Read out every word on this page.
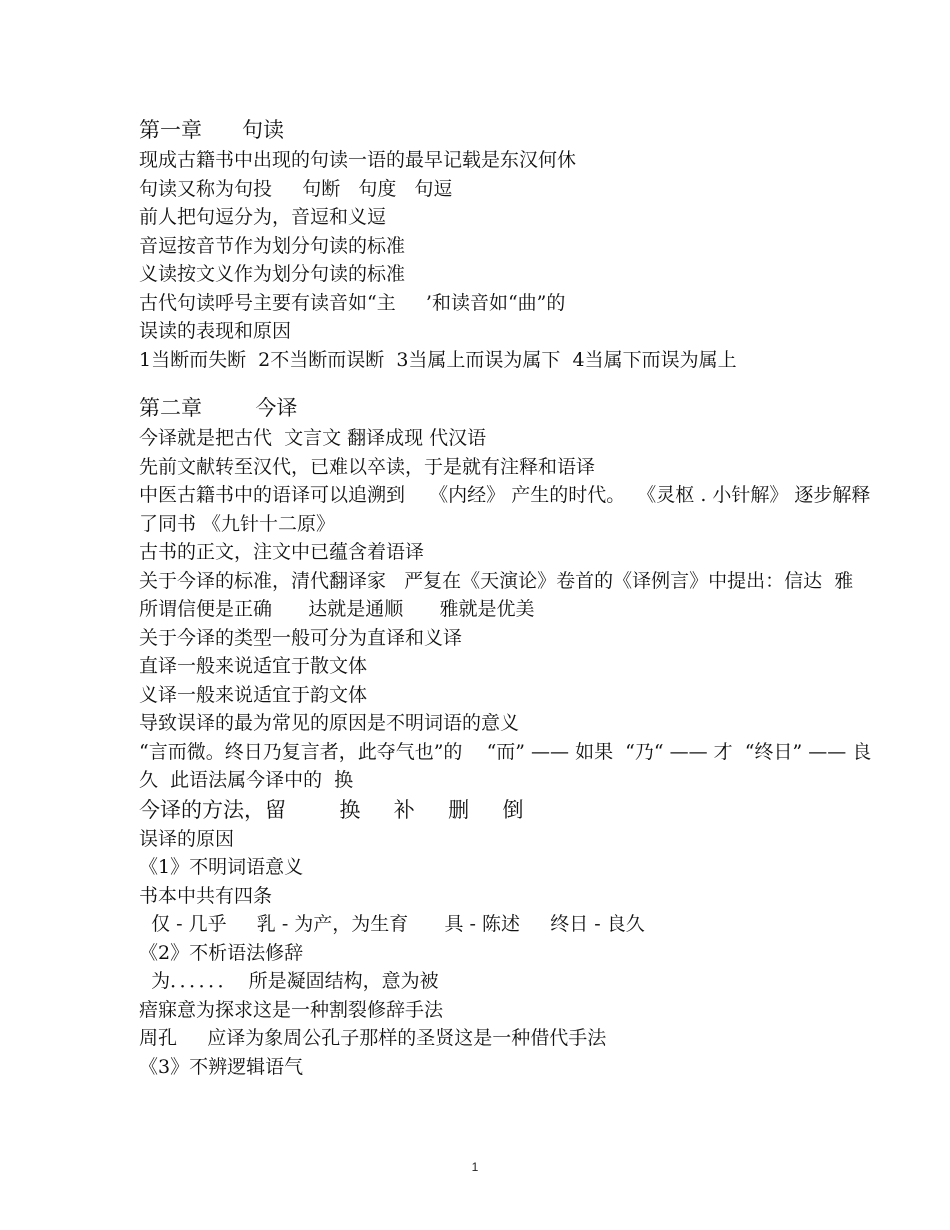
第一章      句读
现成古籍书中出现的句读一语的最早记载是东汉何休
句读又称为句投     句断   句度   句逗
前人把句逗分为，音逗和义逗
音逗按音节作为划分句读的标准
义读按文义作为划分句读的标准
古代句读呼号主要有读音如“主     ’和读音如“曲”的
误读的表现和原因
1当断而失断  2不当断而误断  3当属上而误为属下  4当属下而误为属上
第二章        今译
今译就是把古代  文言文 翻译成现 代汉语
先前文献转至汉代，已难以卒读，于是就有注释和语译
中医古籍书中的语译可以追溯到    《内经》 产生的时代。  《灵枢 . 小针解》 逐步解释了同书 《九针十二原》
古书的正文，注文中已蕴含着语译
关于今译的标准，清代翻译家   严复在《天演论》卷首的《译例言》中提出：信达  雅
所谓信便是正确      达就是通顺      雅就是优美
关于今译的类型一般可分为直译和义译
直译一般来说适宜于散文体
义译一般来说适宜于韵文体
导致误译的最为常见的原因是不明词语的意义
“言而微。终日乃复言者，此夺气也”的    “而” —— 如果  “乃“ —— 才  “终日” —— 良久  此语法属今译中的  换
今译的方法，留        换     补     删     倒
误译的原因
《1》不明词语意义
书本中共有四条
仅 - 几乎     乳 - 为产，为生育      具 - 陈述     终日 - 良久
《2》不析语法修辞
为．．．．．．  所是凝固结构，意为被
瘖寐意为探求这是一种割裂修辞手法
周孔     应译为象周公孔子那样的圣贤这是一种借代手法
《3》不辨逻辑语气
1
